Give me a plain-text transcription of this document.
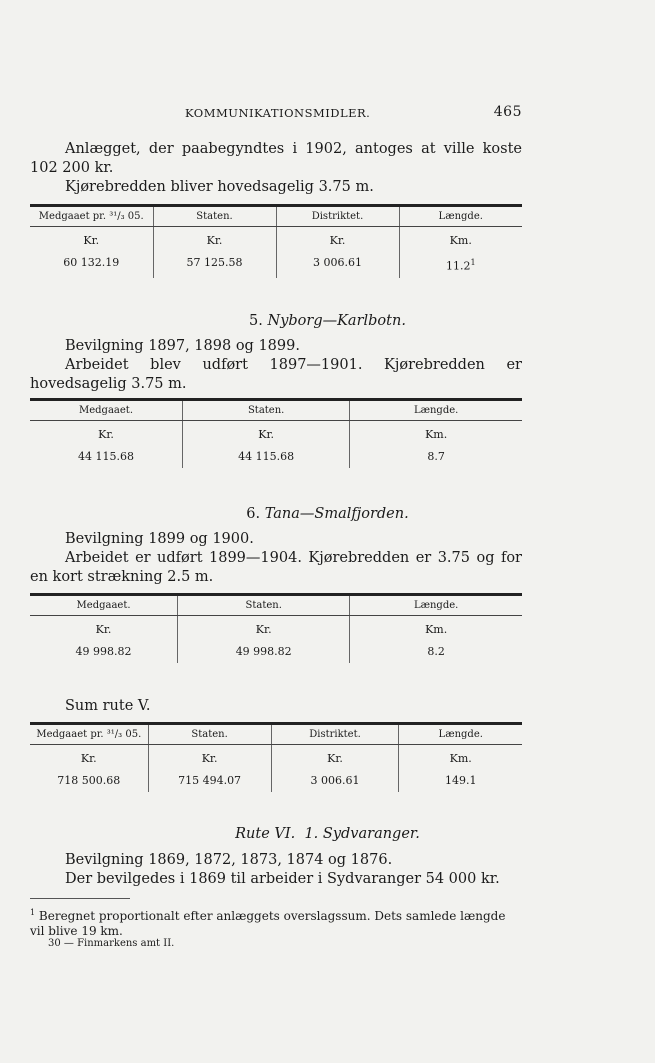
KOMMUNIKATIONSMIDLER.	465
Anlægget, der paabegyndtes i 1902, antoges at ville koste 102 200 kr.
Kjørebredden bliver hovedsagelig 3.75 m.
Medgaaet pr. ³¹/₃ 05.	Staten.	Distriktet.	Længde.
Kr.	Kr.	Kr.	Km.
60 132.19	57 125.58	3 006.61	11.2$^1$
5. Nyborg—Karlbotn.
Bevilgning 1897, 1898 og 1899.
Arbeidet blev udført 1897—1901. Kjørebredden er hovedsagelig 3.75 m.
Medgaaet.	Staten.	Længde.
Kr.	Kr.	Km.
44 115.68	44 115.68	8.7
6. Tana—Smalfjorden.
Bevilgning 1899 og 1900.
Arbeidet er udført 1899—1904. Kjørebredden er 3.75 og for en kort strækning 2.5 m.
Medgaaet.	Staten.	Længde.
Kr.	Kr.	Km.
49 998.82	49 998.82	8.2
Sum rute V.
Medgaaet pr. ³¹/₃ 05.	Staten.	Distriktet.	Længde.
Kr.	Kr.	Kr.	Km.
718 500.68	715 494.07	3 006.61	149.1
Rute VI. 1. Sydvaranger.
Bevilgning 1869, 1872, 1873, 1874 og 1876.
Der bevilgedes i 1869 til arbeider i Sydvaranger 54 000 kr.
$^1$ Beregnet proportionalt efter anlæggets overslagssum. Dets samlede længde vil blive 19 km.
30 — Finmarkens amt II.
